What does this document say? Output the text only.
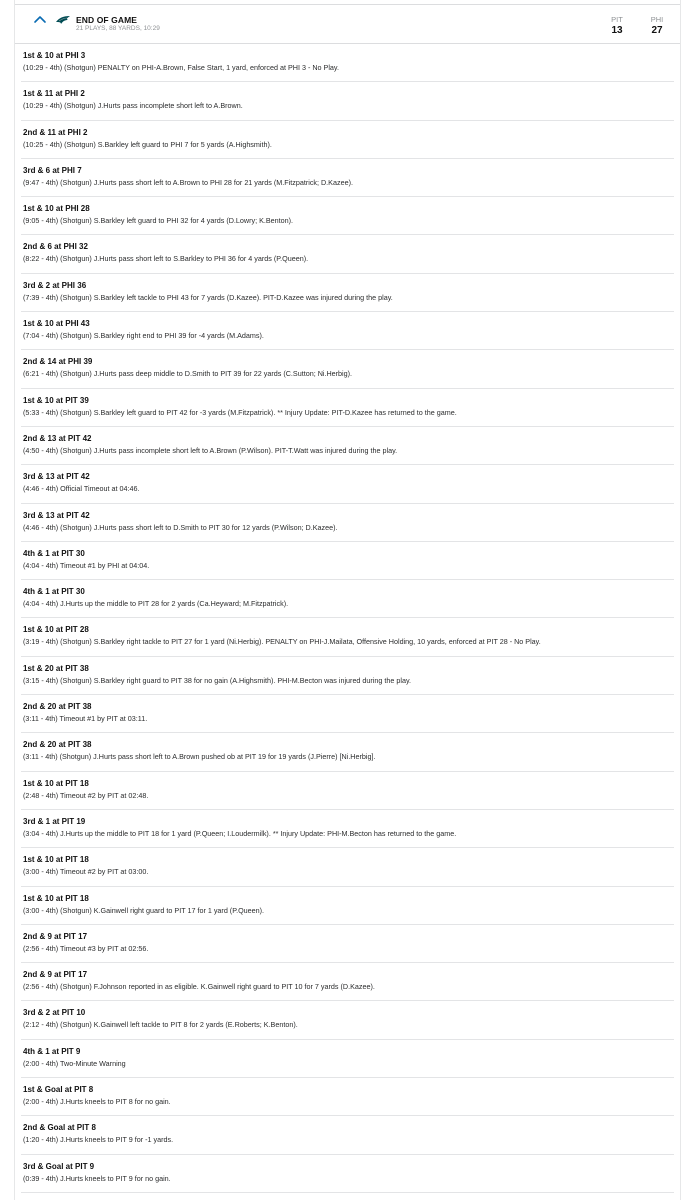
END OF GAME
21 PLAYS, 88 YARDS, 10:29
PIT
13
PHI
27
1st & 10 at PHI 3
(10:29 - 4th) (Shotgun) PENALTY on PHI-A.Brown, False Start, 1 yard, enforced at PHI 3 - No Play.
1st & 11 at PHI 2
(10:29 - 4th) (Shotgun) J.Hurts pass incomplete short left to A.Brown.
2nd & 11 at PHI 2
(10:25 - 4th) (Shotgun) S.Barkley left guard to PHI 7 for 5 yards (A.Highsmith).
3rd & 6 at PHI 7
(9:47 - 4th) (Shotgun) J.Hurts pass short left to A.Brown to PHI 28 for 21 yards (M.Fitzpatrick; D.Kazee).
1st & 10 at PHI 28
(9:05 - 4th) (Shotgun) S.Barkley left guard to PHI 32 for 4 yards (D.Lowry; K.Benton).
2nd & 6 at PHI 32
(8:22 - 4th) (Shotgun) J.Hurts pass short left to S.Barkley to PHI 36 for 4 yards (P.Queen).
3rd & 2 at PHI 36
(7:39 - 4th) (Shotgun) S.Barkley left tackle to PHI 43 for 7 yards (D.Kazee). PIT-D.Kazee was injured during the play.
1st & 10 at PHI 43
(7:04 - 4th) (Shotgun) S.Barkley right end to PHI 39 for -4 yards (M.Adams).
2nd & 14 at PHI 39
(6:21 - 4th) (Shotgun) J.Hurts pass deep middle to D.Smith to PIT 39 for 22 yards (C.Sutton; Ni.Herbig).
1st & 10 at PIT 39
(5:33 - 4th) (Shotgun) S.Barkley left guard to PIT 42 for -3 yards (M.Fitzpatrick). ** Injury Update: PIT-D.Kazee has returned to the game.
2nd & 13 at PIT 42
(4:50 - 4th) (Shotgun) J.Hurts pass incomplete short left to A.Brown (P.Wilson). PIT-T.Watt was injured during the play.
3rd & 13 at PIT 42
(4:46 - 4th) Official Timeout at 04:46.
3rd & 13 at PIT 42
(4:46 - 4th) (Shotgun) J.Hurts pass short left to D.Smith to PIT 30 for 12 yards (P.Wilson; D.Kazee).
4th & 1 at PIT 30
(4:04 - 4th) Timeout #1 by PHI at 04:04.
4th & 1 at PIT 30
(4:04 - 4th) J.Hurts up the middle to PIT 28 for 2 yards (Ca.Heyward; M.Fitzpatrick).
1st & 10 at PIT 28
(3:19 - 4th) (Shotgun) S.Barkley right tackle to PIT 27 for 1 yard (Ni.Herbig). PENALTY on PHI-J.Mailata, Offensive Holding, 10 yards, enforced at PIT 28 - No Play.
1st & 20 at PIT 38
(3:15 - 4th) (Shotgun) S.Barkley right guard to PIT 38 for no gain (A.Highsmith). PHI-M.Becton was injured during the play.
2nd & 20 at PIT 38
(3:11 - 4th) Timeout #1 by PIT at 03:11.
2nd & 20 at PIT 38
(3:11 - 4th) (Shotgun) J.Hurts pass short left to A.Brown pushed ob at PIT 19 for 19 yards (J.Pierre) [Ni.Herbig].
1st & 10 at PIT 18
(2:48 - 4th) Timeout #2 by PIT at 02:48.
3rd & 1 at PIT 19
(3:04 - 4th) J.Hurts up the middle to PIT 18 for 1 yard (P.Queen; I.Loudermilk). ** Injury Update: PHI-M.Becton has returned to the game.
1st & 10 at PIT 18
(3:00 - 4th) Timeout #2 by PIT at 03:00.
1st & 10 at PIT 18
(3:00 - 4th) (Shotgun) K.Gainwell right guard to PIT 17 for 1 yard (P.Queen).
2nd & 9 at PIT 17
(2:56 - 4th) Timeout #3 by PIT at 02:56.
2nd & 9 at PIT 17
(2:56 - 4th) (Shotgun) F.Johnson reported in as eligible. K.Gainwell right guard to PIT 10 for 7 yards (D.Kazee).
3rd & 2 at PIT 10
(2:12 - 4th) (Shotgun) K.Gainwell left tackle to PIT 8 for 2 yards (E.Roberts; K.Benton).
4th & 1 at PIT 9
(2:00 - 4th) Two-Minute Warning
1st & Goal at PIT 8
(2:00 - 4th) J.Hurts kneels to PIT 8 for no gain.
2nd & Goal at PIT 8
(1:20 - 4th) J.Hurts kneels to PIT 9 for -1 yards.
3rd & Goal at PIT 9
(0:39 - 4th) J.Hurts kneels to PIT 9 for no gain.
